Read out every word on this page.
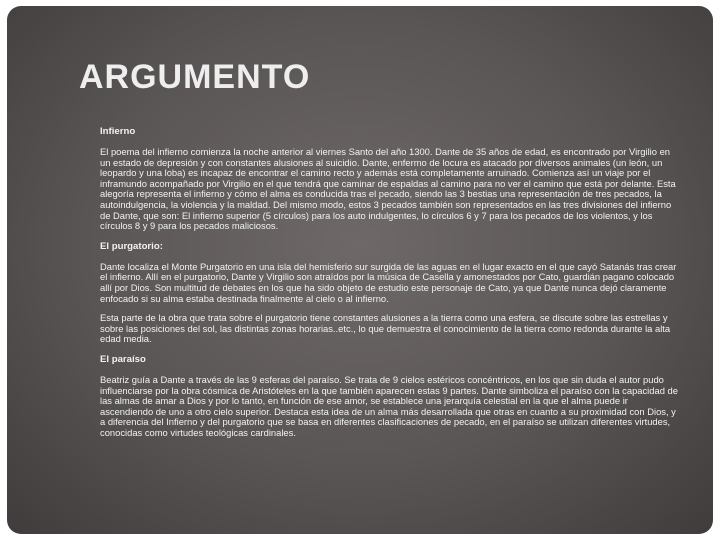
ARGUMENTO
Infierno

El poema del infierno comienza la noche anterior al viernes Santo del año 1300. Dante de 35 años de edad, es encontrado por Virgilio en un estado de depresión y con constantes alusiones al suicidio. Dante, enfermo de locura es atacado por diversos animales (un león, un leopardo y una loba) es incapaz de encontrar el camino recto y además está completamente arruinado. Comienza así un viaje por el inframundo acompañado por Virgilio en el que tendrá que caminar de espaldas al camino para no ver el camino que está por delante. Esta alegoría representa el infierno y cómo el alma es conducida tras el pecado, siendo las 3 bestias una representación de tres pecados, la autoindulgencia, la violencia y la maldad. Del mismo modo, estos 3 pecados también son representados en las tres divisiones del infierno de Dante, que son: El infierno superior (5 círculos) para los auto indulgentes, lo círculos 6 y 7 para los pecados de los violentos, y los círculos 8 y 9 para los pecados maliciosos.

El purgatorio:

Dante localiza el Monte Purgatorio en una isla del hemisferio sur surgida de las aguas en el lugar exacto en el que cayó Satanás tras crear el infierno. Allí en el purgatorio, Dante y Virgilio son atraídos por la música de Casella y amonestados por Cato, guardián pagano colocado allí por Dios. Son multitud de debates en los que ha sido objeto de estudio este personaje de Cato, ya que Dante nunca dejó claramente enfocado si su alma estaba destinada finalmente al cielo o al infierno.

Esta parte de la obra que trata sobre el purgatorio tiene constantes alusiones a la tierra como una esfera, se discute sobre las estrellas y sobre las posiciones del sol, las distintas zonas horarias..etc., lo que demuestra el conocimiento de la tierra como redonda durante la alta edad media.

El paraíso

Beatriz guía a Dante a través de las 9 esferas del paraíso. Se trata de 9 cielos estéricos concéntricos, en los que sin duda el autor pudo influenciarse por la obra cósmica de Aristóteles en la que también aparecen estas 9 partes. Dante simboliza el paraíso con la capacidad de las almas de amar a Dios y por lo tanto, en función de ese amor, se establece una jerarquía celestial en la que el alma puede ir ascendiendo de uno a otro cielo superior. Destaca esta idea de un alma más desarrollada que otras en cuanto a su proximidad con Dios, y a diferencia del Infierno y del purgatorio que se basa en diferentes clasificaciones de pecado, en el paraíso se utilizan diferentes virtudes, conocidas como virtudes teológicas cardinales.
